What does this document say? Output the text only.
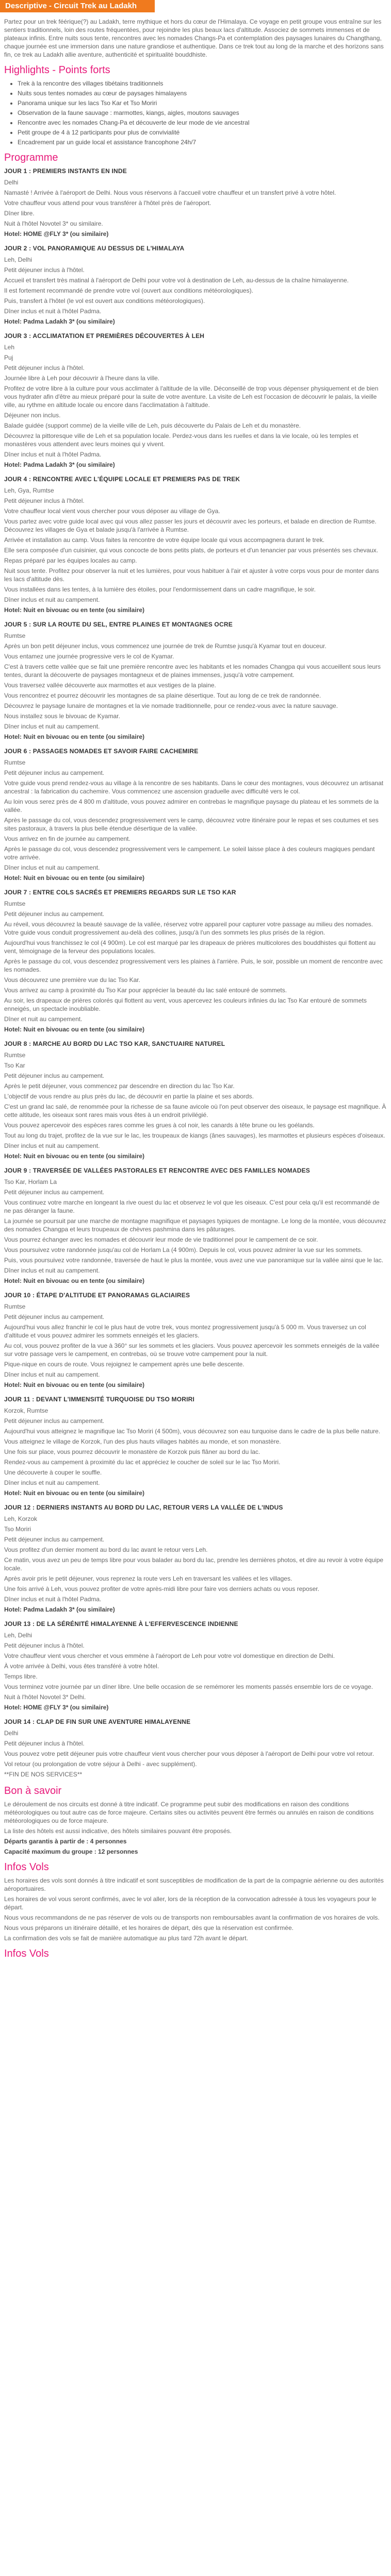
Descriptive - Circuit Trek au Ladakh

Partez pour un trek féérique(?) au Ladakh, terre mythique et hors du cœur de l'Himalaya. Ce voyage en petit groupe vous entraîne sur les sentiers traditionnels, loin des routes fréquentées, pour rejoindre les plus beaux lacs d'altitude. Associez de sommets immenses et de plateaux infinis. Entre nuits sous tente, rencontres avec les nomades Changs-Pa et contemplation des paysages lunaires du Changthang, chaque journée est une immersion dans une nature grandiose et authentique. Dans ce trek tout au long de la marche et des horizons sans fin, ce trek au Ladakh allie aventure, authenticité et spiritualité bouddhiste.

Highlights - Points forts
• Trek à la rencontre des villages tibétains traditionnels
• Nuits sous tentes nomades au cœur de paysages himalayens
• Panorama unique sur les lacs Tso Kar et Tso Moriri
• Observation de la faune sauvage : marmottes, kiangs, aigles, moutons sauvages
• Rencontre avec les nomades Chang-Pa et découverte de leur mode de vie ancestral
• Petit groupe de 4 à 12 participants pour plus de convivialité
• Encadrement par un guide local et assistance francophone 24h/7
Programme
JOUR 1 : PREMIERS INSTANTS EN INDE

Delhi

Namasté ! Arrivée à l'aéroport de Delhi. Nous vous réservons à l'accueil votre chauffeur et un transfert privé à votre hôtel.

Votre chauffeur vous attend pour vous transférer à l'hôtel près de l'aéroport.

Dîner libre.

Nuit à l'hôtel Novotel 3* ou similaire.

Hotel: HOME @FLY 3* (ou similaire)

JOUR 2 : VOL PANORAMIQUE AU DESSUS DE L'HIMALAYA

Leh, Delhi

Petit déjeuner inclus à l'hôtel.

Accueil et transfert très matinal à l'aéroport de Delhi pour votre vol à destination de Leh, au-dessus de la chaîne himalayenne.

Il est fortement recommandé de prendre votre vol (ouvert aux conditions météorologiques).

Puis, transfert à l'hôtel (le vol est ouvert aux conditions météorologiques).

Dîner inclus et nuit à l'hôtel Padma.

Hotel: Padma Ladakh 3* (ou similaire)

JOUR 3 : ACCLIMATATION ET PREMIÈRES DÉCOUVERTES À LEH

Leh

Puj

Petit déjeuner inclus à l'hôtel.

Journée libre à Leh pour découvrir à l'heure dans la ville.

Profitez de votre libre à la culture pour vous acclimater à l'altitude de la ville. Déconseillé de trop vous dépenser physiquement et de bien vous hydrater afin d'être au mieux préparé pour la suite de votre aventure. La visite de Leh est l'occasion de découvrir le palais, la vieille ville, au rythme en altitude locale ou encore dans l'acclimatation à l'altitude.

Déjeuner non inclus.

Balade guidée (support comme) de la vieille ville de Leh, puis découverte du Palais de Leh et du monastère.

Découvrez la pittoresque ville de Leh et sa population locale. Perdez-vous dans les ruelles et dans la vie locale, où les temples et monastères vous attendent avec leurs moines qui y vivent.

Dîner inclus et nuit à l'hôtel Padma.

Hotel: Padma Ladakh 3* (ou similaire)

JOUR 4 : RENCONTRE AVEC L'ÉQUIPE LOCALE ET PREMIERS PAS DE TREK

Leh, Gya, Rumtse

Petit déjeuner inclus à l'hôtel.

Votre chauffeur local vient vous chercher pour vous déposer au village de Gya.

Vous partez avec votre guide local avec qui vous allez passer les jours et découvrir avec les porteurs, et balade en direction de Rumtse. Découvrez les villages de Gya et balade jusqu'à l'arrivée à Rumtse.

Arrivée et installation au camp. Vous faites la rencontre de votre équipe locale qui vous accompagnera durant le trek.

Elle sera composée d'un cuisinier, qui vous concocte de bons petits plats, de porteurs et d'un tenancier par vous présentés ses chevaux.

Repas préparé par les équipes locales au camp.

Nuit sous tente. Profitez pour observer la nuit et les lumières, pour vous habituer à l'air et ajuster à votre corps vous pour de monter dans les lacs d'altitude dès.

Vous installées dans les tentes, à la lumière des étoiles, pour l'endormissement dans un cadre magnifique, le soir.

Dîner inclus et nuit au campement.

Hotel: Nuit en bivouac ou en tente (ou similaire)

JOUR 5 : SUR LA ROUTE DU SEL, ENTRE PLAINES ET MONTAGNES OCRE

Rumtse

Après un bon petit déjeuner inclus, vous commencez une journée de trek de Rumtse jusqu'à Kyamar tout en douceur.

Vous entamez une journée progressive vers le col de Kyamar.

C'est à travers cette vallée que se fait une première rencontre avec les habitants et les nomades Changpa qui vous accueillent sous leurs tentes, durant la découverte de paysages montagneux et de plaines immenses, jusqu'à votre campement.

Vous traversez vallée découverte aux marmottes et aux vestiges de la plaine.

Vous rencontrez et pourrez découvrir les montagnes de sa plaine désertique. Tout au long de ce trek de randonnée.

Découvrez le paysage lunaire de montagnes et la vie nomade traditionnelle, pour ce rendez-vous avec la nature sauvage.

Nous installez sous le bivouac de Kyamar.

Dîner inclus et nuit au campement.

Hotel: Nuit en bivouac ou en tente (ou similaire)

JOUR 6 : PASSAGES NOMADES ET SAVOIR FAIRE CACHEMIRE

Rumtse

Petit déjeuner inclus au campement.

Votre guide vous prend rendez-vous au village à la rencontre de ses habitants. Dans le cœur des montagnes, vous découvrez un artisanat ancestral : la fabrication du cachemire. Vous commencez une ascension graduelle avec difficulté vers le col.

Au loin vous serez près de 4 800 m d'altitude, vous pouvez admirer en contrebas le magnifique paysage du plateau et les sommets de la vallée.

Après le passage du col, vous descendez progressivement vers le camp, découvrez votre itinéraire pour le repas et ses coutumes et ses sites pastoraux, à travers la plus belle étendue désertique de la vallée.

Vous arrivez en fin de journée au campement.

Après le passage du col, vous descendez progressivement vers le campement. Le soleil laisse place à des couleurs magiques pendant votre arrivée.

Dîner inclus et nuit au campement.

Hotel: Nuit en bivouac ou en tente (ou similaire)

JOUR 7 : ENTRE COLS SACRÉS ET PREMIERS REGARDS SUR LE TSO KAR

Rumtse

Petit déjeuner inclus au campement.

Au réveil, vous découvrez la beauté sauvage de la vallée, réservez votre appareil pour capturer votre passage au milieu des nomades. Votre guide vous conduit progressivement au-delà des collines, jusqu'à l'un des sommets les plus prisés de la région.

Aujourd'hui vous franchissez le col (4 900m). Le col est marqué par les drapeaux de prières multicolores des bouddhistes qui flottent au vent, témoignage de la ferveur des populations locales.

Après le passage du col, vous descendez progressivement vers les plaines à l'arrière. Puis, le soir, possible un moment de rencontre avec les nomades.

Vous découvrez une première vue du lac Tso Kar.

Vous arrivez au camp à proximité du Tso Kar pour apprécier la beauté du lac salé entouré de sommets.

Au soir, les drapeaux de prières colorés qui flottent au vent, vous apercevez les couleurs infinies du lac Tso Kar entouré de sommets enneigés, un spectacle inoubliable.

Dîner et nuit au campement.

Hotel: Nuit en bivouac ou en tente (ou similaire)

JOUR 8 : MARCHE AU BORD DU LAC TSO KAR, SANCTUAIRE NATUREL

Rumtse

Tso Kar

Petit déjeuner inclus au campement.

Après le petit déjeuner, vous commencez par descendre en direction du lac Tso Kar.

L'objectif de vous rendre au plus près du lac, de découvrir en partie la plaine et ses abords.

C'est un grand lac salé, de renommée pour la richesse de sa faune avicole où l'on peut observer des oiseaux, le paysage est magnifique. À cette altitude, les oiseaux sont rares mais vous êtes à un endroit privilégié.

Vous pouvez apercevoir des espèces rares comme les grues à col noir, les canards à tête brune ou les goélands.

Tout au long du trajet, profitez de la vue sur le lac, les troupeaux de kiangs (ânes sauvages), les marmottes et plusieurs espèces d'oiseaux.

Dîner inclus et nuit au campement.

Hotel: Nuit en bivouac ou en tente (ou similaire)

JOUR 9 : TRAVERSÉE DE VALLÉES PASTORALES ET RENCONTRE AVEC DES FAMILLES NOMADES

Tso Kar, Horlam La

Petit déjeuner inclus au campement.

Vous continuez votre marche en longeant la rive ouest du lac et observez le vol que les oiseaux. C'est pour cela qu'il est recommandé de ne pas déranger la faune.

La journée se poursuit par une marche de montagne magnifique et paysages typiques de montagne. Le long de la montée, vous découvrez des nomades Changpa et leurs troupeaux de chèvres pashmina dans les pâturages.

Vous pourrez échanger avec les nomades et découvrir leur mode de vie traditionnel pour le campement de ce soir.

Vous poursuivez votre randonnée jusqu'au col de Horlam La (4 900m). Depuis le col, vous pouvez admirer la vue sur les sommets.

Puis, vous poursuivez votre randonnée, traversée de haut le plus la montée, vous avez une vue panoramique sur la vallée ainsi que le lac.

Dîner inclus et nuit au campement.

Hotel: Nuit en bivouac ou en tente (ou similaire)

JOUR 10 : ÉTAPE D'ALTITUDE ET PANORAMAS GLACIAIRES

Rumtse

Petit déjeuner inclus au campement.

Aujourd'hui vous allez franchir le col le plus haut de votre trek, vous montez progressivement jusqu'à 5 000 m. Vous traversez un col d'altitude et vous pouvez admirer les sommets enneigés et les glaciers.

Au col, vous pouvez profiter de la vue à 360° sur les sommets et les glaciers. Vous pouvez apercevoir les sommets enneigés de la vallée sur votre passage vers le campement, en contrebas, où se trouve votre campement pour la nuit.

Pique-nique en cours de route. Vous rejoignez le campement après une belle descente.

Dîner inclus et nuit au campement.

Hotel: Nuit en bivouac ou en tente (ou similaire)

JOUR 11 : DEVANT L'IMMENSITÉ TURQUOISE DU TSO MORIRI

Korzok, Rumtse

Petit déjeuner inclus au campement.

Aujourd'hui vous atteignez le magnifique lac Tso Moriri (4 500m), vous découvrez son eau turquoise dans le cadre de la plus belle nature.

Vous atteignez le village de Korzok, l'un des plus hauts villages habités au monde, et son monastère.

Une fois sur place, vous pourrez découvrir le monastère de Korzok puis flâner au bord du lac.

Rendez-vous au campement à proximité du lac et appréciez le coucher de soleil sur le lac Tso Moriri.

Une découverte à couper le souffle.

Dîner inclus et nuit au campement.

Hotel: Nuit en bivouac ou en tente (ou similaire)

JOUR 12 : DERNIERS INSTANTS AU BORD DU LAC, RETOUR VERS LA VALLÉE DE L'INDUS

Leh, Korzok

Tso Moriri

Petit déjeuner inclus au campement.

Vous profitez d'un dernier moment au bord du lac avant le retour vers Leh.

Ce matin, vous avez un peu de temps libre pour vous balader au bord du lac, prendre les dernières photos, et dire au revoir à votre équipe locale.

Après avoir pris le petit déjeuner, vous reprenez la route vers Leh en traversant les vallées et les villages.

Une fois arrivé à Leh, vous pouvez profiter de votre après-midi libre pour faire vos derniers achats ou vous reposer.

Dîner inclus et nuit à l'hôtel Padma.

Hotel: Padma Ladakh 3* (ou similaire)

JOUR 13 : DE LA SÉRÉNITÉ HIMALAYENNE À L'EFFERVESCENCE INDIENNE

Leh, Delhi

Petit déjeuner inclus à l'hôtel.

Votre chauffeur vient vous chercher et vous emmène à l'aéroport de Leh pour votre vol domestique en direction de Delhi.

À votre arrivée à Delhi, vous êtes transféré à votre hôtel.

Temps libre.

Vous terminez votre journée par un dîner libre. Une belle occasion de se remémorer les moments passés ensemble lors de ce voyage.

Nuit à l'hôtel Novotel 3* Delhi.

Hotel: HOME @FLY 3* (ou similaire)

JOUR 14 : CLAP DE FIN SUR UNE AVENTURE HIMALAYENNE

Delhi

Petit déjeuner inclus à l'hôtel.

Vous pouvez votre petit déjeuner puis votre chauffeur vient vous chercher pour vous déposer à l'aéroport de Delhi pour votre vol retour.

Vol retour (ou prolongation de votre séjour à Delhi - avec supplément).

**FIN DE NOS SERVICES**

Bon à savoir

Le déroulement de nos circuits est donné à titre indicatif. Ce programme peut subir des modifications en raison des conditions météorologiques ou tout autre cas de force majeure. Certains sites ou activités peuvent être fermés ou annulés en raison de conditions météorologiques ou de force majeure.

La liste des hôtels est aussi indicative, des hôtels similaires pouvant être proposés.

Départs garantis à partir de : 4 personnes

Capacité maximum du groupe : 12 personnes

Infos Vols

Les horaires des vols sont donnés à titre indicatif et sont susceptibles de modification de la part de la compagnie aérienne ou des autorités aéroportuaires.

Les horaires de vol vous seront confirmés, avec le vol aller, lors de la réception de la convocation adressée à tous les voyageurs pour le départ.

Nous vous recommandons de ne pas réserver de vols ou de transports non remboursables avant la confirmation de vos horaires de vols.

Nous vous préparons un itinéraire détaillé, et les horaires de départ, dès que la réservation est confirmée.

La confirmation des vols se fait de manière automatique au plus tard 72h avant le départ.

Infos Vols
